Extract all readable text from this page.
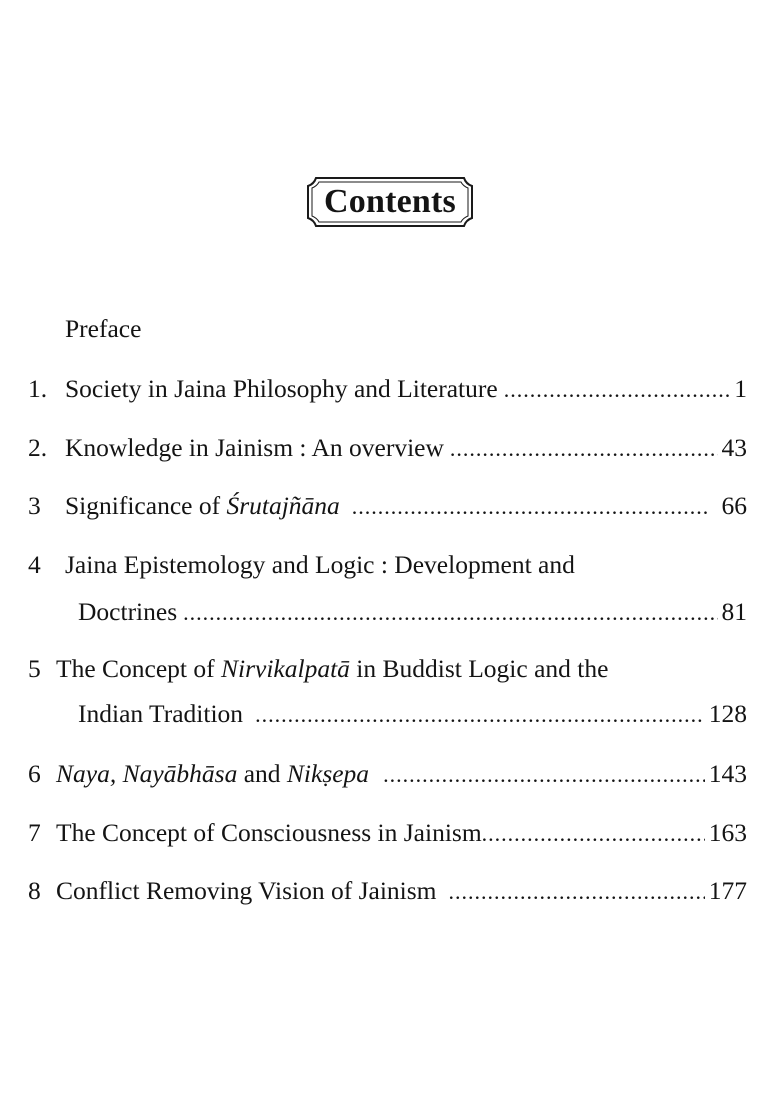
Contents
Preface
1. Society in Jaina Philosophy and Literature .....	1
2. Knowledge in Jainism : An overview .....	43
3 Significance of Śrutajñāna .....	66
4 Jaina Epistemology and Logic : Development and
Doctrines .....	81
5 The Concept of Nirvikalpatā in Buddist Logic and the
Indian Tradition .....	128
6 Naya, Nayābhāsa and Nikṣepa .....	143
7 The Concept of Consciousness in Jainism .....	163
8 Conflict Removing Vision of Jainism .....	177
